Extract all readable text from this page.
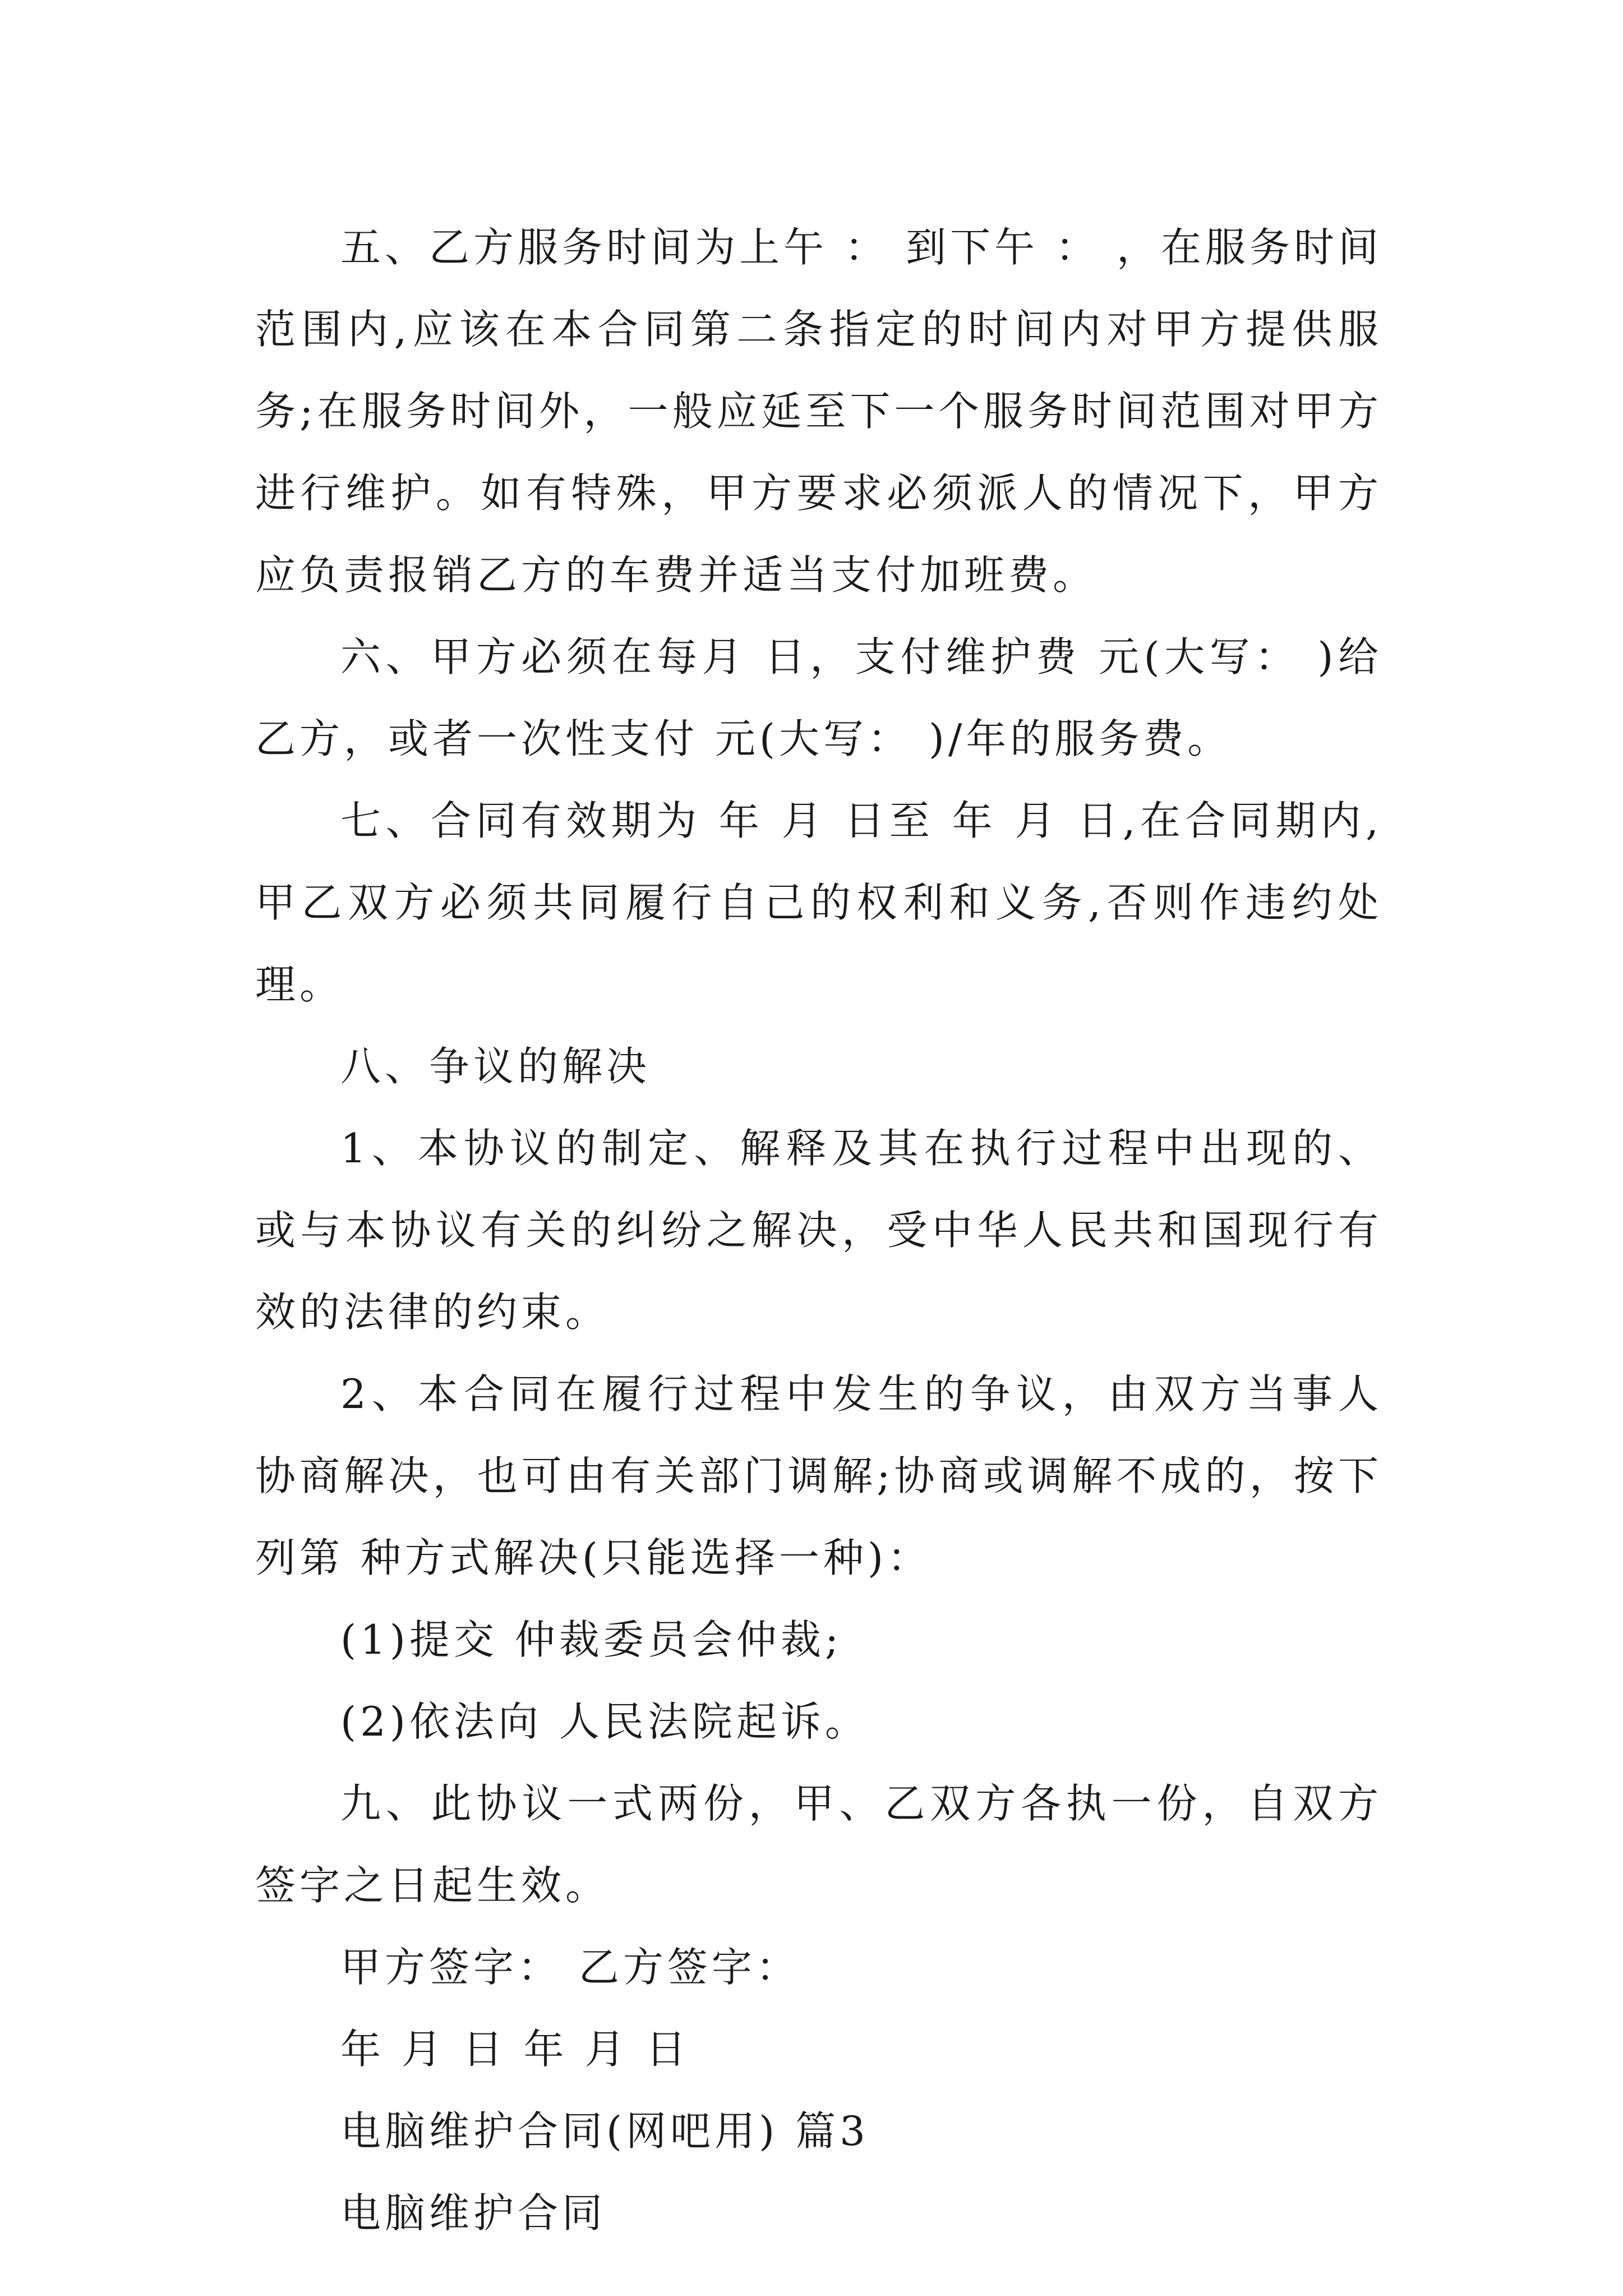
五、乙方服务时间为上午 ： 到下午 ： ，在服务时间范围内,应该在本合同第二条指定的时间内对甲方提供服务;在服务时间外，一般应延至下一个服务时间范围对甲方进行维护。如有特殊，甲方要求必须派人的情况下，甲方应负责报销乙方的车费并适当支付加班费。

六、甲方必须在每月 日，支付维护费 元(大写： )给乙方，或者一次性支付 元(大写： )/年的服务费。

七、合同有效期为 年 月 日至 年 月 日,在合同期内,甲乙双方必须共同履行自己的权利和义务,否则作违约处理。

八、争议的解决

1、本协议的制定、解释及其在执行过程中出现的、或与本协议有关的纠纷之解决，受中华人民共和国现行有效的法律的约束。

2、本合同在履行过程中发生的争议，由双方当事人协商解决，也可由有关部门调解;协商或调解不成的，按下列第 种方式解决(只能选择一种)：

(1)提交 仲裁委员会仲裁;

(2)依法向 人民法院起诉。

九、此协议一式两份，甲、乙双方各执一份，自双方签字之日起生效。

甲方签字： 乙方签字：

年 月 日 年 月 日

电脑维护合同(网吧用) 篇3

电脑维护合同
